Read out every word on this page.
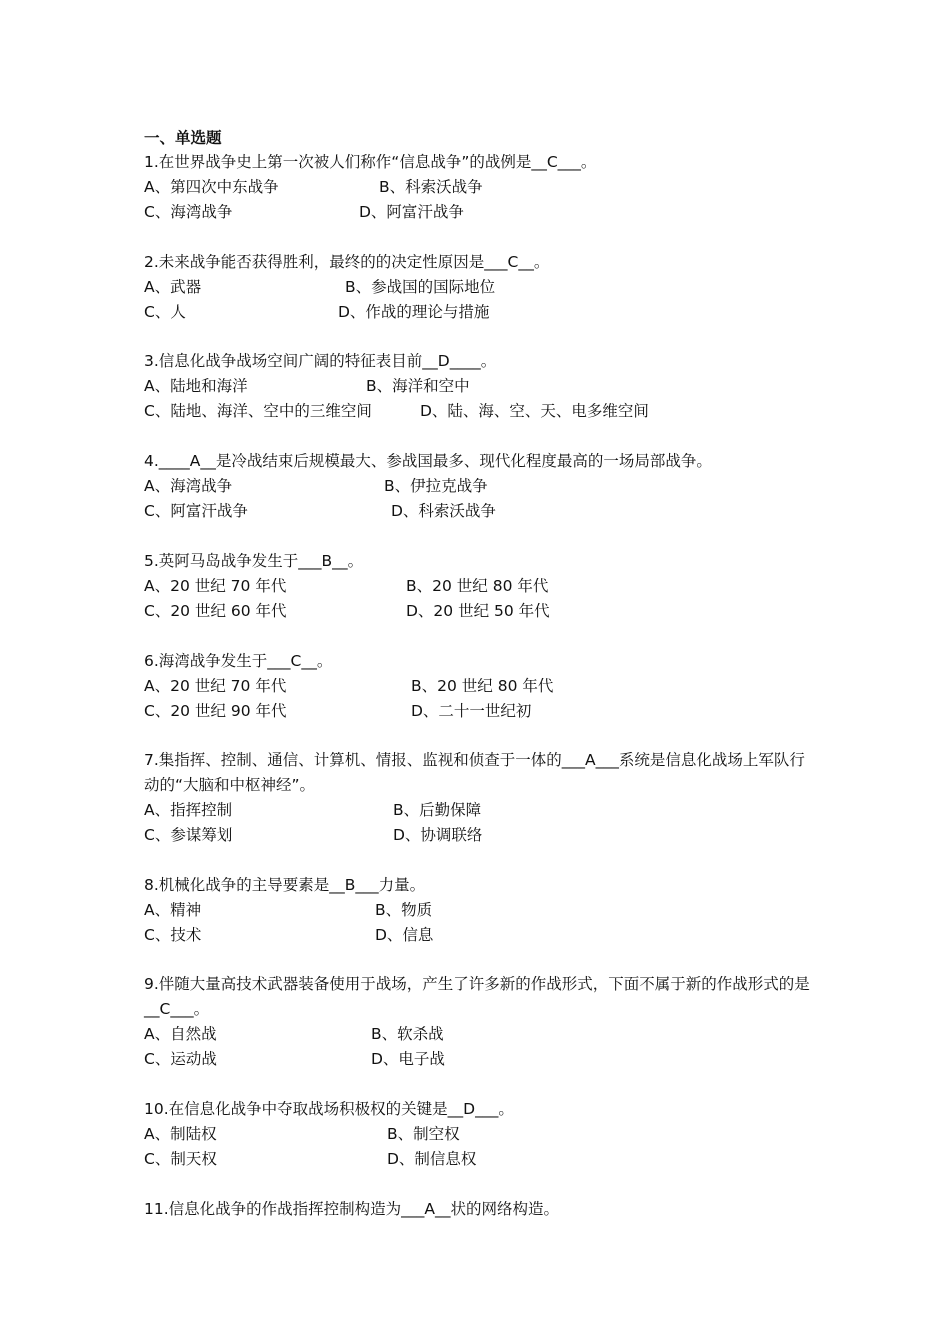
一、单选题
1.在世界战争史上第一次被人们称作“信息战争”的战例是__C___。
A、第四次中东战争	B、科索沃战争
C、海湾战争	D、阿富汗战争
2.未来战争能否获得胜利，最终的的决定性原因是___C__。
A、武器	B、参战国的国际地位
C、人	D、作战的理论与措施
3.信息化战争战场空间广阔的特征表目前__D____。
A、陆地和海洋	B、海洋和空中
C、陆地、海洋、空中的三维空间	D、陆、海、空、天、电多维空间
4.____A__是冷战结束后规模最大、参战国最多、现代化程度最高的一场局部战争。
A、海湾战争	B、伊拉克战争
C、阿富汗战争	D、科索沃战争
5.英阿马岛战争发生于___B__。
A、20 世纪 70 年代	B、20 世纪 80 年代
C、20 世纪 60 年代	D、20 世纪 50 年代
6.海湾战争发生于___C__。
A、20 世纪 70 年代	B、20 世纪 80 年代
C、20 世纪 90 年代	D、二十一世纪初
7.集指挥、控制、通信、计算机、情报、监视和侦查于一体的___A___系统是信息化战场上军队行动的“大脑和中枢神经”。
A、指挥控制	B、后勤保障
C、参谋筹划	D、协调联络
8.机械化战争的主导要素是__B___力量。
A、精神	B、物质
C、技术	D、信息
9.伴随大量高技术武器装备使用于战场，产生了许多新的作战形式，下面不属于新的作战形式的是__C___。
A、自然战	B、软杀战
C、运动战	D、电子战
10.在信息化战争中夺取战场积极权的关键是__D___。
A、制陆权	B、制空权
C、制天权	D、制信息权
11.信息化战争的作战指挥控制构造为___A__状的网络构造。
